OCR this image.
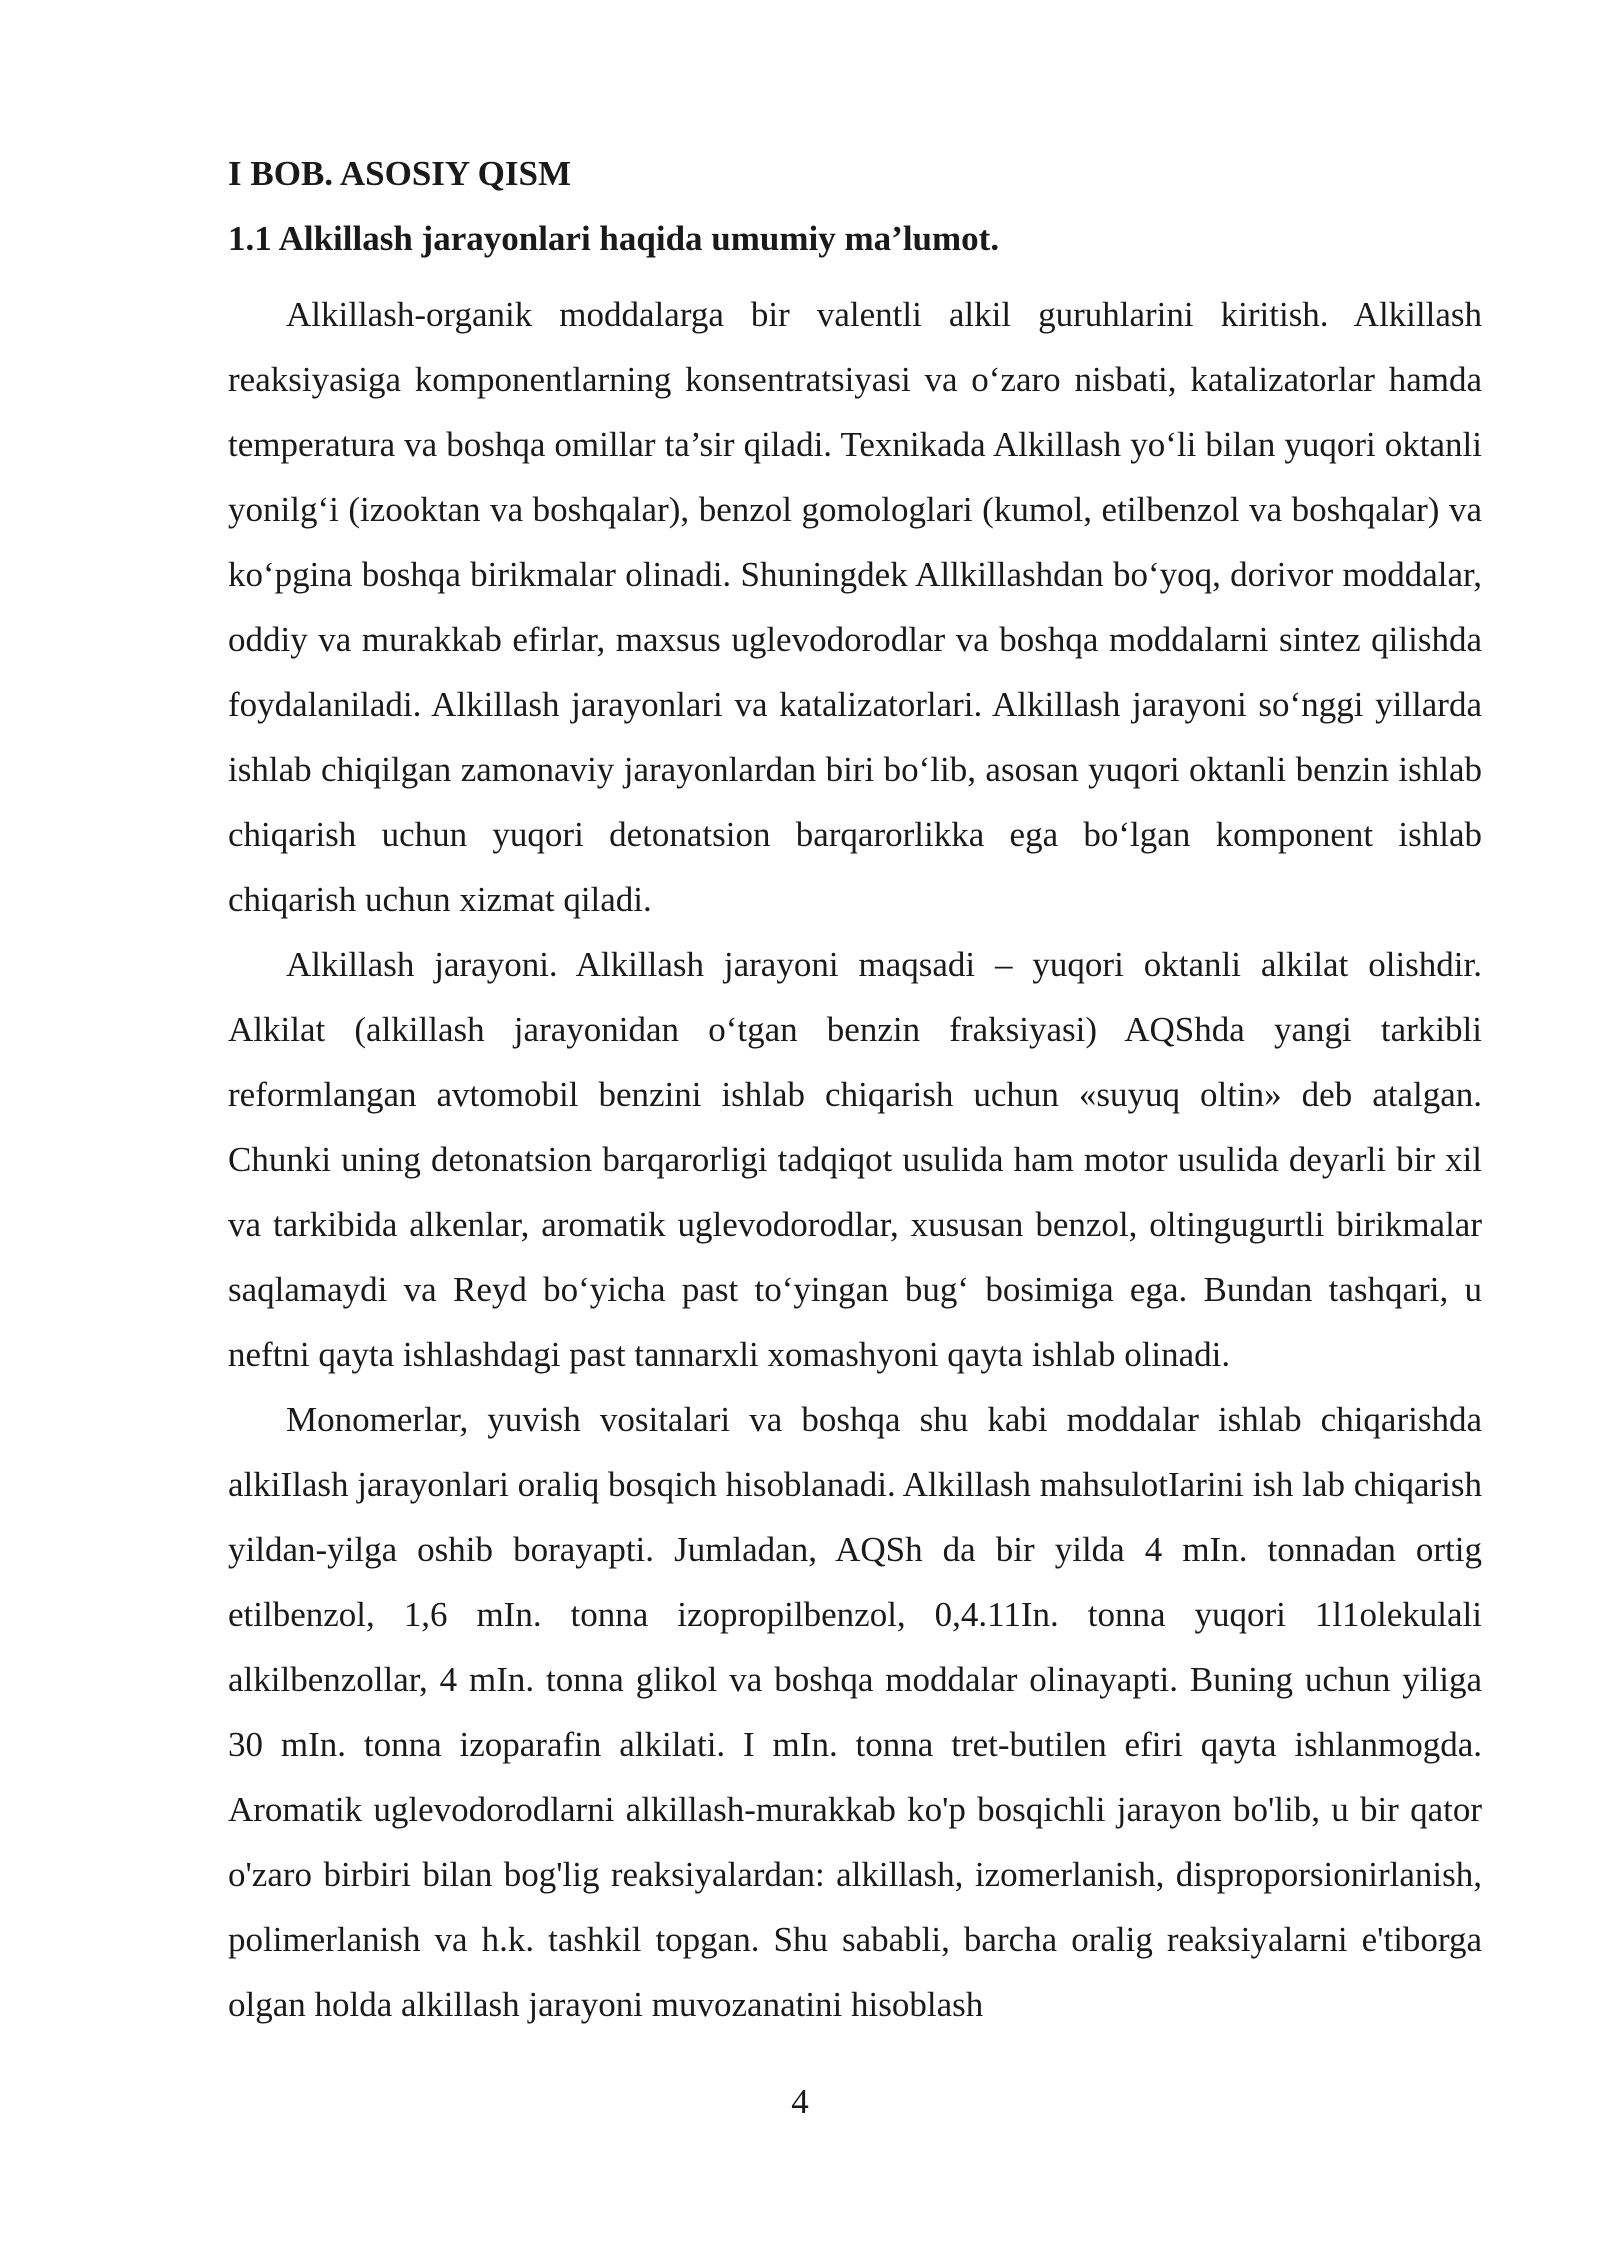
I BOB. ASOSIY QISM

1.1 Alkillash jarayonlari haqida umumiy ma’lumot.

Alkillash-organik moddalarga bir valentli alkil guruhlarini kiritish. Alkillash reaksiyasiga komponentlarning konsentratsiyasi va o‘zaro nisbati, katalizatorlar hamda temperatura va boshqa omillar ta’sir qiladi. Texnikada Alkillash yo‘li bilan yuqori oktanli yonilg‘i (izooktan va boshqalar), benzol gomologlari (kumol, etilbenzol va boshqalar) va ko‘pgina boshqa birikmalar olinadi. Shuningdek Allkillashdan bo‘yoq, dorivor moddalar, oddiy va murakkab efirlar, maxsus uglevodorodlar va boshqa moddalarni sintez qilishda foydalaniladi. Alkillash jarayonlari va katalizatorlari. Alkillash jarayoni so‘nggi yillarda ishlab chiqilgan zamonaviy jarayonlardan biri bo‘lib, asosan yuqori oktanli benzin ishlab chiqarish uchun yuqori detonatsion barqarorlikka ega bo‘lgan komponent ishlab chiqarish uchun xizmat qiladi.

Alkillash jarayoni. Alkillash jarayoni maqsadi – yuqori oktanli alkilat olishdir. Alkilat (alkillash jarayonidan o‘tgan benzin fraksiyasi) AQShda yangi tarkibli reformlangan avtomobil benzini ishlab chiqarish uchun «suyuq oltin» deb atalgan. Chunki uning detonatsion barqarorligi tadqiqot usulida ham motor usulida deyarli bir xil va tarkibida alkenlar, aromatik uglevodorodlar, xususan benzol, oltingugurtli birikmalar saqlamaydi va Reyd bo‘yicha past to‘yingan bug‘ bosimiga ega. Bundan tashqari, u neftni qayta ishlashdagi past tannarxli xomashyoni qayta ishlab olinadi.

Monomerlar, yuvish vositalari va boshqa shu kabi moddalar ishlab chiqarishda alkiIlash jarayonlari oraliq bosqich hisoblanadi. Alkillash mahsulotIarini ish lab chiqarish yildan-yilga oshib borayapti. Jumladan, AQSh da bir yilda 4 mIn. tonnadan ortig etilbenzol, 1,6 mIn. tonna izopropilbenzol, 0,4.11In. tonna yuqori 1l1olekulali alkilbenzollar, 4 mIn. tonna glikol va boshqa moddalar olinayapti. Buning uchun yiliga 30 mIn. tonna izoparafin alkilati. I mIn. tonna tret-butilen efiri qayta ishlanmogda. Aromatik uglevodorodlarni alkillash-murakkab ko'p bosqichli jarayon bo'lib, u bir qator o'zaro birbiri bilan bog'lig reaksiyalardan: alkillash, izomerlanish, disproporsionirlanish, polimerlanish va h.k. tashkil topgan. Shu sababli, barcha oralig reaksiyalarni e'tiborga olgan holda alkillash jarayoni muvozanatini hisoblash

4
